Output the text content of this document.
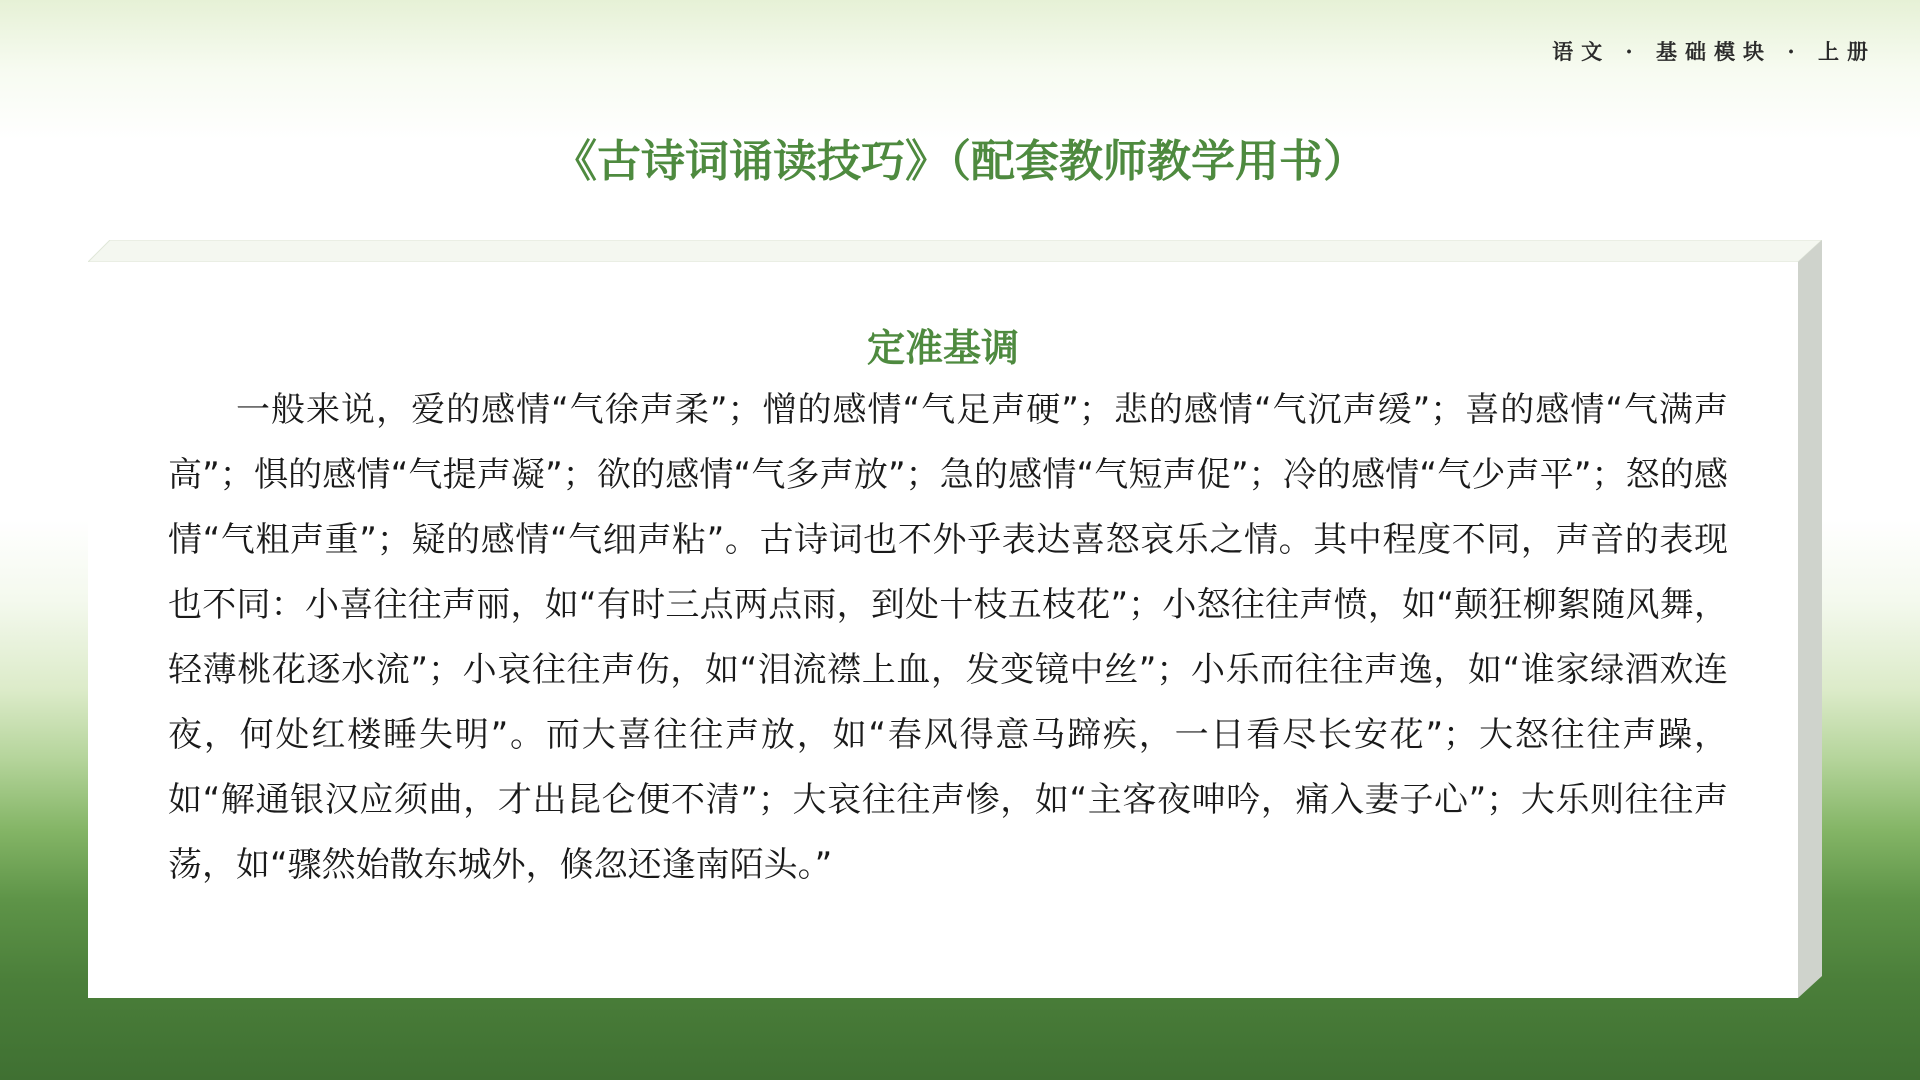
语文 · 基础模块 · 上册
《古诗词诵读技巧》（配套教师教学用书）
定准基调

一般来说，爱的感情“气徐声柔”；憎的感情“气足声硬”；悲的感情“气沉声缓”；喜的感情“气满声高”；惧的感情“气提声凝”；欲的感情“气多声放”；急的感情“气短声促”；冷的感情“气少声平”；怒的感情“气粗声重”；疑的感情“气细声粘”。古诗词也不外乎表达喜怒哀乐之情。其中程度不同，声音的表现也不同：小喜往往声丽，如“有时三点两点雨，到处十枝五枝花”；小怒往往声愤，如“颠狂柳絮随风舞，轻薄桃花逐水流”；小哀往往声伤，如“泪流襟上血，发变镜中丝”；小乐而往往声逸，如“谁家绿酒欢连夜，何处红楼睡失明”。而大喜往往声放，如“春风得意马蹄疾，一日看尽长安花”；大怒往往声躁，如“解通银汉应须曲，才出昆仑便不清”；大哀往往声惨，如“主客夜呻吟，痛入妻子心”；大乐则往往声荡，如“骤然始散东城外，倏忽还逢南陌头。”
